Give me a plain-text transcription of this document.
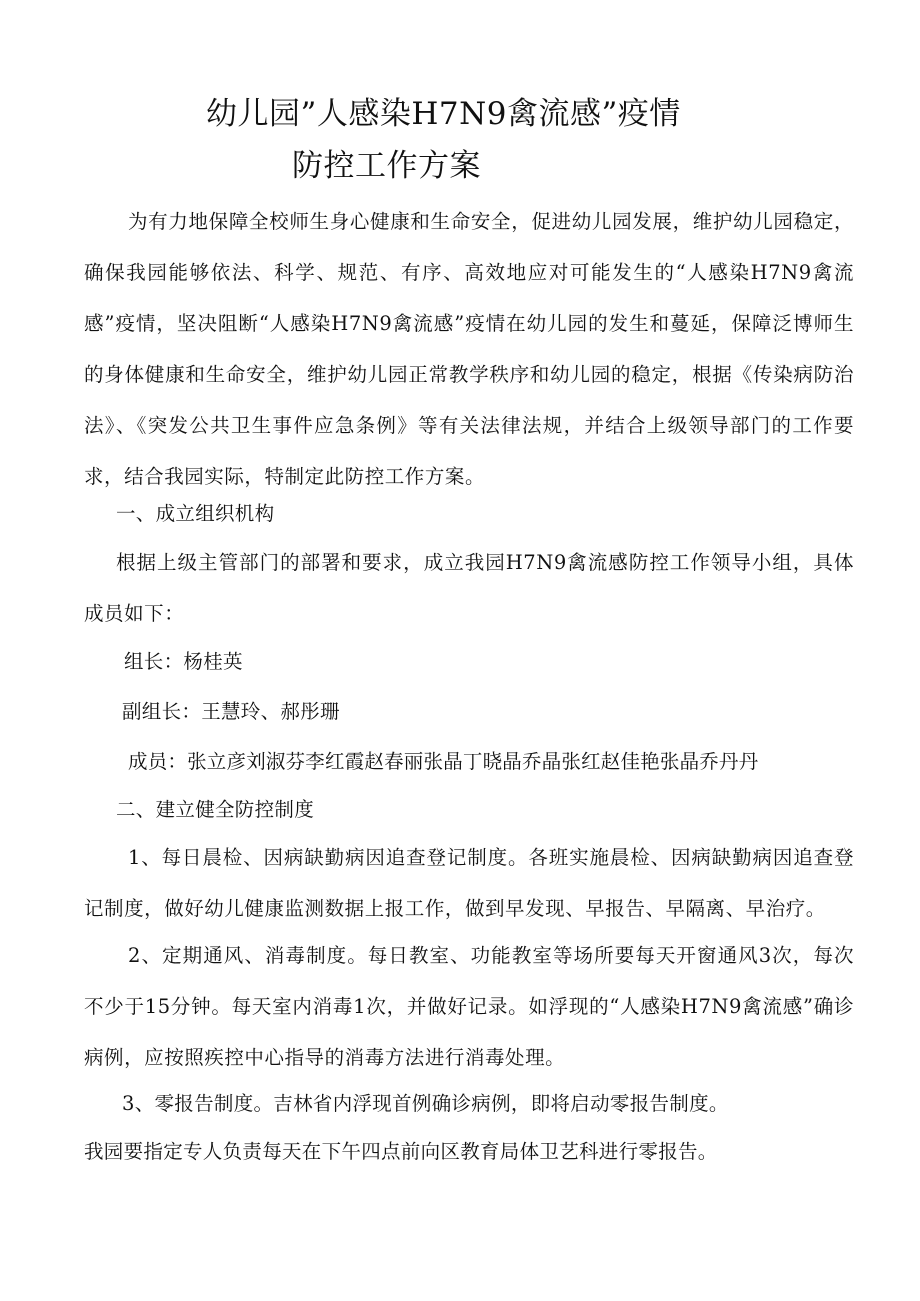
幼儿园”人感染H7N9禽流感”疫情
防控工作方案

为有力地保障全校师生身心健康和生命安全，促进幼儿园发展，维护幼儿园稳定，确保我园能够依法、科学、规范、有序、高效地应对可能发生的“人感染H7N9禽流感”疫情，坚决阻断“人感染H7N9禽流感”疫情在幼儿园的发生和蔓延，保障泛博师生的身体健康和生命安全，维护幼儿园正常教学秩序和幼儿园的稳定，根据《传染病防治法》、《突发公共卫生事件应急条例》等有关法律法规，并结合上级领导部门的工作要求，结合我园实际，特制定此防控工作方案。

一、成立组织机构

根据上级主管部门的部署和要求，成立我园H7N9禽流感防控工作领导小组，具体成员如下：

组长：杨桂英

副组长：王慧玲、郝彤珊

成员：张立彦刘淑芬李红霞赵春丽张晶丁晓晶乔晶张红赵佳艳张晶乔丹丹

二、建立健全防控制度

1、每日晨检、因病缺勤病因追查登记制度。各班实施晨检、因病缺勤病因追查登记制度，做好幼儿健康监测数据上报工作，做到早发现、早报告、早隔离、早治疗。

2、定期通风、消毒制度。每日教室、功能教室等场所要每天开窗通风3次，每次不少于15分钟。每天室内消毒1次，并做好记录。如浮现的“人感染H7N9禽流感”确诊病例，应按照疾控中心指导的消毒方法进行消毒处理。

3、零报告制度。吉林省内浮现首例确诊病例，即将启动零报告制度。

我园要指定专人负责每天在下午四点前向区教育局体卫艺科进行零报告。
